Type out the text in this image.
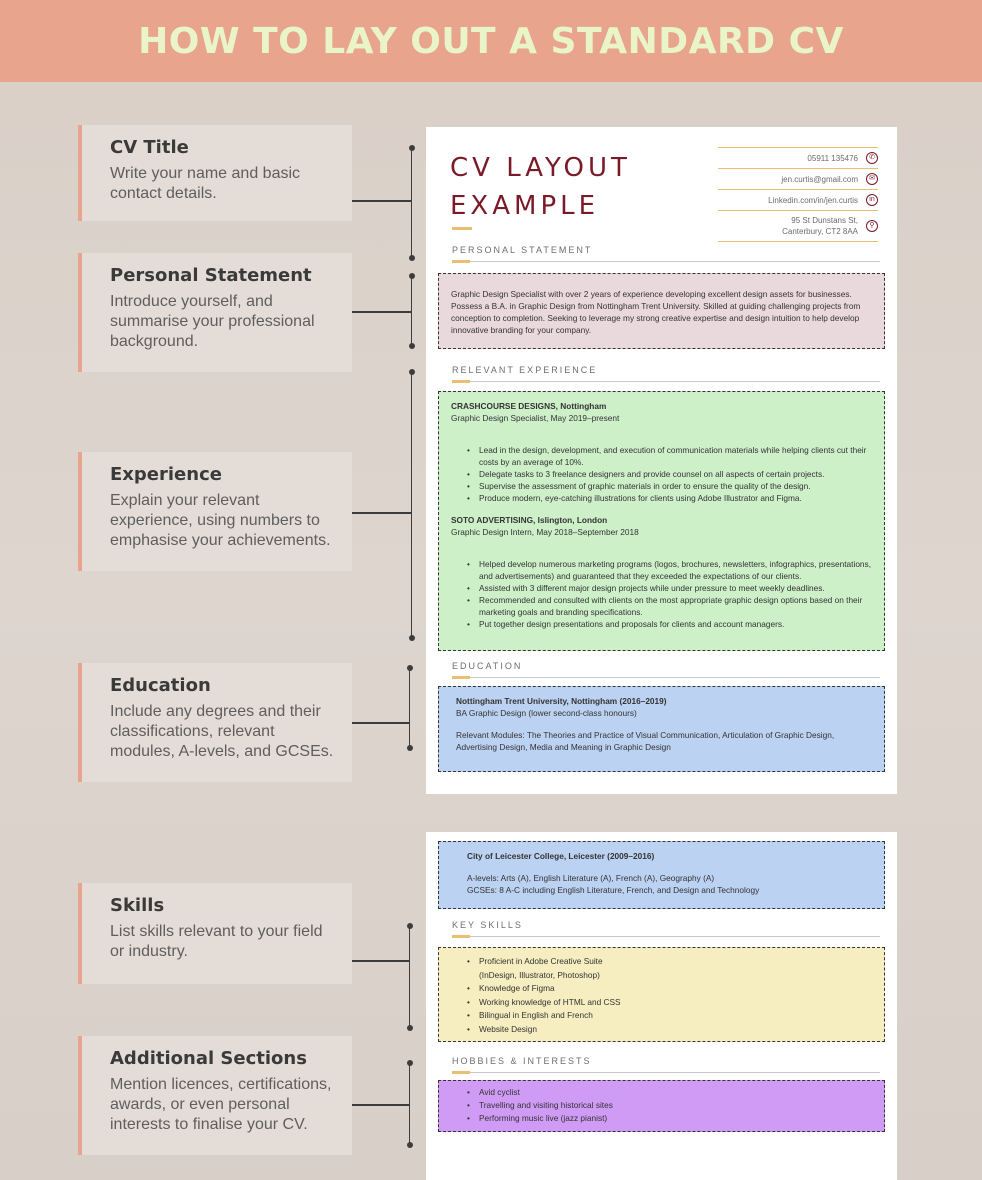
HOW TO LAY OUT A STANDARD CV
CV Title
Write your name and basic contact details.
Personal Statement
Introduce yourself, and summarise your professional background.
Experience
Explain your relevant experience, using numbers to emphasise your achievements.
Education
Include any degrees and their classifications, relevant modules, A-levels, and GCSEs.
Skills
List skills relevant to your field or industry.
Additional Sections
Mention licences, certifications, awards, or even personal interests to finalise your CV.
CV LAYOUT
EXAMPLE
05911 135476	✆
jen.curtis@gmail.com	✉
Linkedin.com/in/jen.curtis	in
95 St Dunstans St,
Canterbury, CT2 8AA
⚲
PERSONAL STATEMENT
Graphic Design Specialist with over 2 years of experience developing excellent design assets for businesses. Possess a B.A. in Graphic Design from Nottingham Trent University. Skilled at guiding challenging projects from conception to completion. Seeking to leverage my strong creative expertise and design intuition to help develop innovative branding for your company.
RELEVANT EXPERIENCE
CRASHCOURSE DESIGNS, Nottingham
Graphic Design Specialist, May 2019–present
• Lead in the design, development, and execution of communication materials while helping clients cut their costs by an average of 10%.
• Delegate tasks to 3 freelance designers and provide counsel on all aspects of certain projects.
• Supervise the assessment of graphic materials in order to ensure the quality of the design.
• Produce modern, eye-catching illustrations for clients using Adobe Illustrator and Figma.
SOTO ADVERTISING, Islington, London
Graphic Design Intern, May 2018–September 2018
• Helped develop numerous marketing programs (logos, brochures, newsletters, infographics, presentations, and advertisements) and guaranteed that they exceeded the expectations of our clients.
• Assisted with 3 different major design projects while under pressure to meet weekly deadlines.
• Recommended and consulted with clients on the most appropriate graphic design options based on their marketing goals and branding specifications.
• Put together design presentations and proposals for clients and account managers.
EDUCATION
Nottingham Trent University, Nottingham (2016–2019)
BA Graphic Design (lower second-class honours)
Relevant Modules: The Theories and Practice of Visual Communication, Articulation of Graphic Design, Advertising Design, Media and Meaning in Graphic Design
City of Leicester College, Leicester (2009–2016)
A-levels: Arts (A), English Literature (A), French (A), Geography (A)
GCSEs: 8 A-C including English Literature, French, and Design and Technology
KEY SKILLS
• Proficient in Adobe Creative Suite
(InDesign, Illustrator, Photoshop)
• Knowledge of Figma
• Working knowledge of HTML and CSS
• Bilingual in English and French
• Website Design
HOBBIES & INTERESTS
• Avid cyclist
• Travelling and visiting historical sites
• Performing music live (jazz pianist)
